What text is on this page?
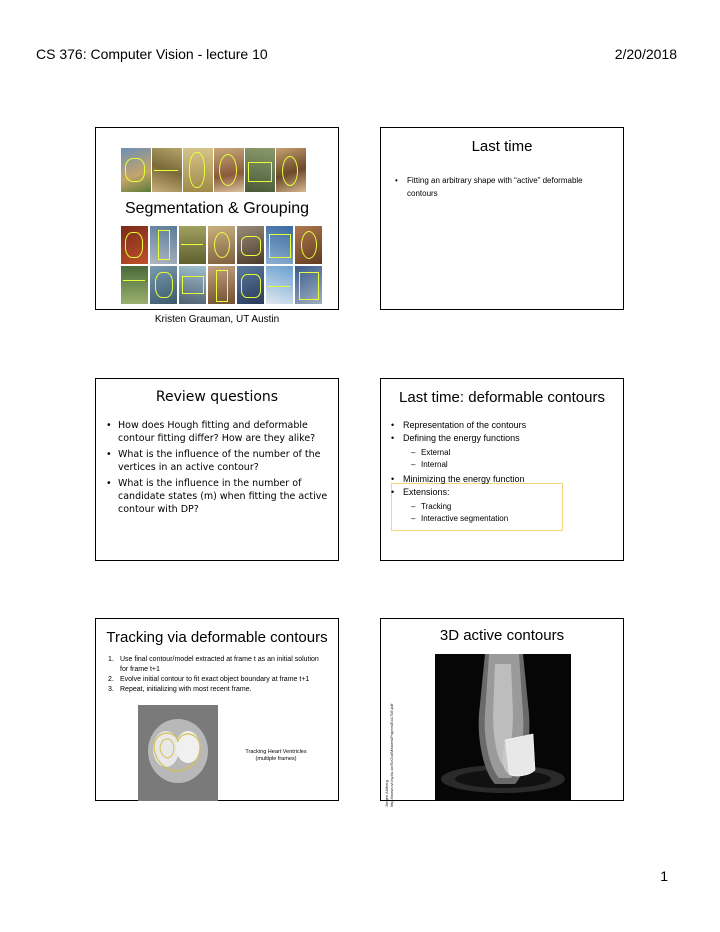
CS 376: Computer Vision - lecture 10	2/20/2018
Segmentation & Grouping
Kristen Grauman, UT Austin
Last time
• Fitting an arbitrary shape with “active” deformable contours
Review questions
• How does Hough fitting and deformable contour fitting differ? How are they alike?
• What is the influence of the number of the vertices in an active contour?
• What is the influence in the number of candidate states (m) when fitting the active contour with DP?
Last time: deformable contours
• Representation of the contours
• Defining the energy functions
– External
– Internal
• Minimizing the energy function
• Extensions:
– Tracking
– Interactive segmentation
Tracking via deformable contours
1. Use final contour/model extracted at frame t as an initial solution for frame t+1
2. Evolve initial contour to fit exact object boundary at frame t+1
3. Repeat, initializing with most recent frame.
Tracking Heart Ventricles
(multiple frames)
3D active contours
Jörgen Ahlberg http://www.cvl.isy.liu.se/ScOut/Masters/Papers/Ex1708.pdf
1
